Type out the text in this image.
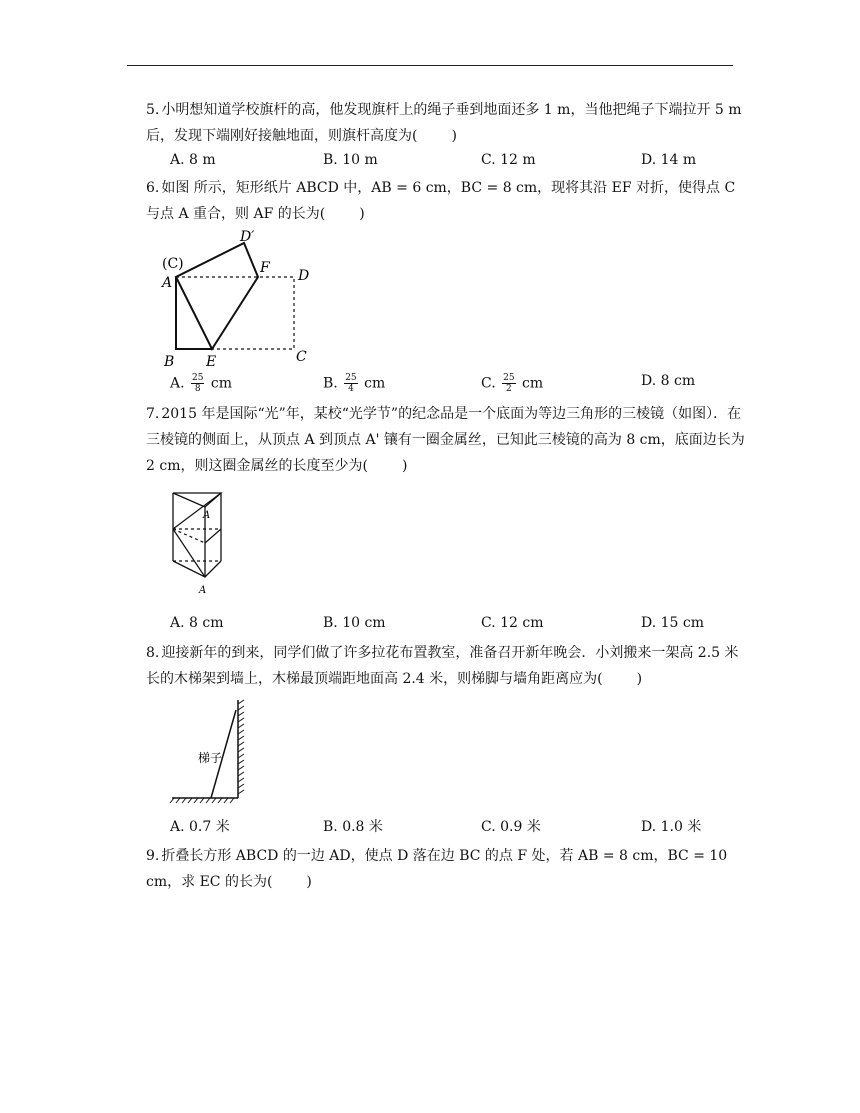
5. 小明想知道学校旗杆的高，他发现旗杆上的绳子垂到地面还多 1 m，当他把绳子下端拉开 5 m 后，发现下端刚好接触地面，则旗杆高度为( )
A. 8 m	B. 10 m	C. 12 m	D. 14 m
6. 如图 所示，矩形纸片 ABCD 中，AB = 6 cm，BC = 8 cm，现将其沿 EF 对折，使得点 C 与点 A 重合，则 AF 的长为( )
(C)
A
D′
F D
B E	C
A. $\frac{25}{8}$ cm	B. $\frac{25}{4}$ cm	C. $\frac{25}{2}$ cm	D. 8 cm
7. 2015 年是国际“光”年，某校“光学节”的纪念品是一个底面为等边三角形的三棱镜（如图）．在三棱镜的侧面上，从顶点 A 到顶点 A' 镶有一圈金属丝，已知此三棱镜的高为 8 cm，底面边长为 2 cm，则这圈金属丝的长度至少为( )
A
A
A. 8 cm	B. 10 cm	C. 12 cm	D. 15 cm
8. 迎接新年的到来，同学们做了许多拉花布置教室，准备召开新年晚会．小刘搬来一架高 2.5 米长的木梯架到墙上，木梯最顶端距地面高 2.4 米，则梯脚与墙角距离应为( )
梯子
A. 0.7 米	B. 0.8 米	C. 0.9 米	D. 1.0 米
9. 折叠长方形 ABCD 的一边 AD，使点 D 落在边 BC 的点 F 处，若 AB = 8 cm，BC = 10 cm，求 EC 的长为( )
